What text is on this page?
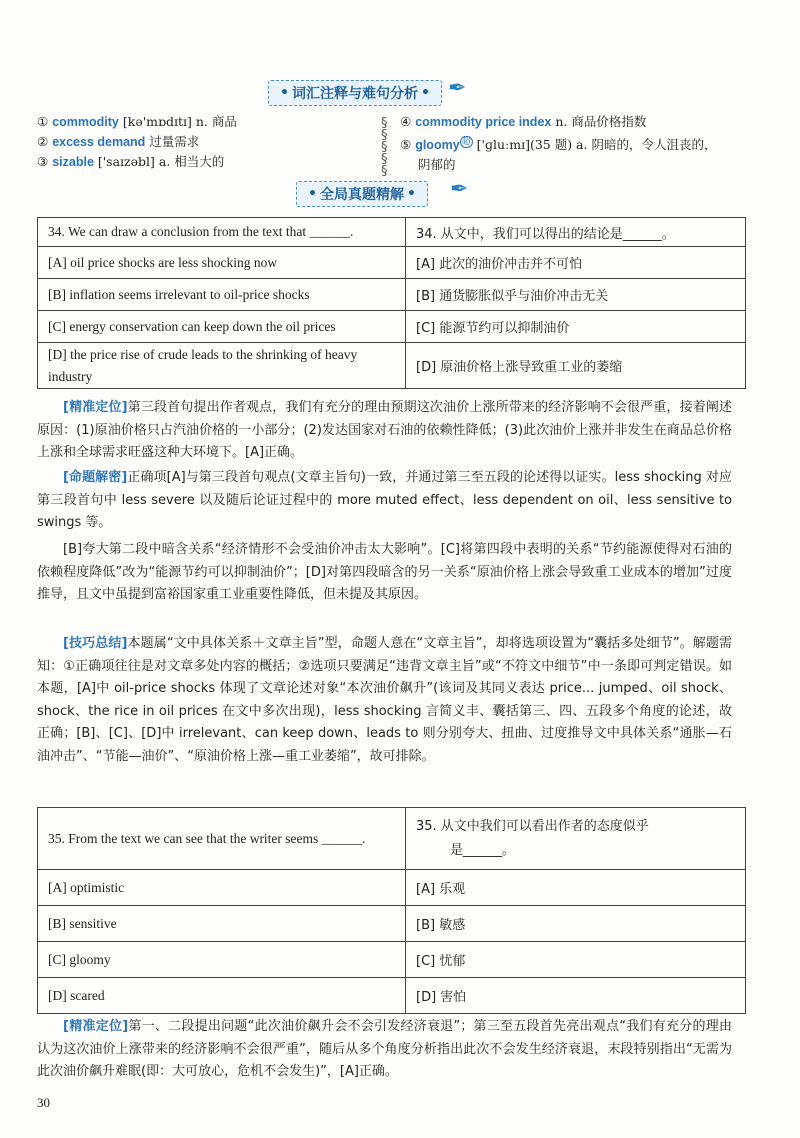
• 词汇注释与难句分析 • ✒
① commodity [kə'mɒdɪtɪ] n. 商品
② excess demand 过量需求
③ sizable ['saɪzəbl] a. 相当大的
§
§
§
§
§
④ commodity price index n. 商品价格指数
⑤ gloomy $^超$ ['ɡluːmɪ](35 题) a. 阴暗的，令人沮丧的，
阴郁的
• 全局真题精解 • ✒
34. We can draw a conclusion from the text that ______.	34. 从文中，我们可以得出的结论是______。
[A] oil price shocks are less shocking now	[A] 此次的油价冲击并不可怕
[B] inflation seems irrelevant to oil-price shocks	[B] 通货膨胀似乎与油价冲击无关
[C] energy conservation can keep down the oil prices	[C] 能源节约可以抑制油价
[D] the price rise of crude leads to the shrinking of heavy industry	[D] 原油价格上涨导致重工业的萎缩
[精准定位]第三段首句提出作者观点，我们有充分的理由预期这次油价上涨所带来的经济影响不会很严重，接着阐述原因：(1)原油价格只占汽油价格的一小部分；(2)发达国家对石油的依赖性降低；(3)此次油价上涨并非发生在商品总价格上涨和全球需求旺盛这种大环境下。[A]正确。
[命题解密]正确项[A]与第三段首句观点(文章主旨句)一致，并通过第三至五段的论述得以证实。less shocking 对应第三段首句中 less severe 以及随后论证过程中的 more muted effect、less dependent on oil、less sensitive to swings 等。
[B]夸大第二段中暗含关系“经济情形不会受油价冲击太大影响”。[C]将第四段中表明的关系“节约能源使得对石油的依赖程度降低”改为“能源节约可以抑制油价”；[D]对第四段暗含的另一关系“原油价格上涨会导致重工业成本的增加”过度推导，且文中虽提到富裕国家重工业重要性降低，但未提及其原因。
[技巧总结]本题属“文中具体关系＋文章主旨”型，命题人意在“文章主旨”，却将选项设置为“囊括多处细节”。解题需知：①正确项往往是对文章多处内容的概括；②选项只要满足“违背文章主旨”或“不符文中细节”中一条即可判定错误。如本题，[A]中 oil-price shocks 体现了文章论述对象“本次油价飙升”(该词及其同义表达 price... jumped、oil shock、shock、the rice in oil prices 在文中多次出现)，less shocking 言简义丰、囊括第三、四、五段多个角度的论述，故正确；[B]、[C]、[D]中 irrelevant、can keep down、leads to 则分别夸大、扭曲、过度推导文中具体关系“通胀—石油冲击”、“节能—油价”、“原油价格上涨—重工业萎缩”，故可排除。
35. From the text we can see that the writer seems ______.	35. 从文中我们可以看出作者的态度似乎
是______。

[A] optimistic	[A] 乐观
[B] sensitive	[B] 敏感
[C] gloomy	[C] 忧郁
[D] scared	[D] 害怕
[精准定位]第一、二段提出问题“此次油价飙升会不会引发经济衰退”；第三至五段首先亮出观点“我们有充分的理由认为这次油价上涨带来的经济影响不会很严重”，随后从多个角度分析指出此次不会发生经济衰退，末段特别指出“无需为此次油价飙升难眠(即：大可放心，危机不会发生)”，[A]正确。
30
